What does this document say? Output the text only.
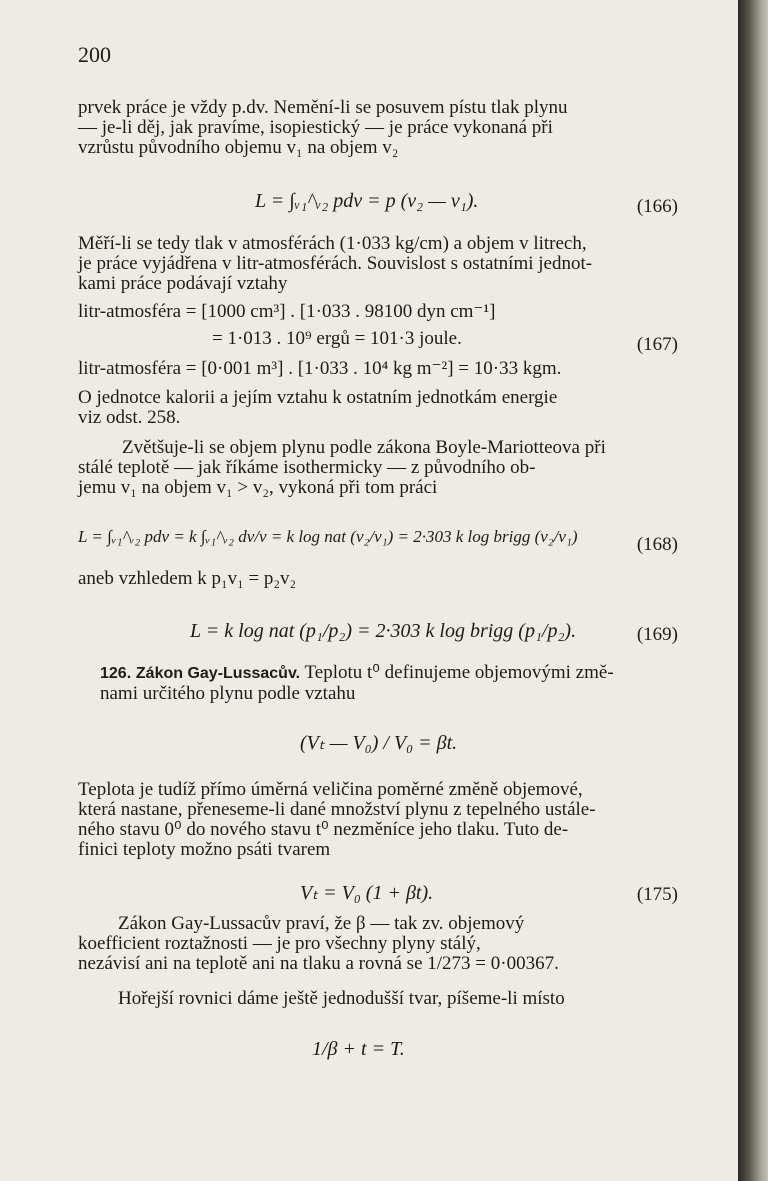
200
prvek práce je vždy p.dv. Nemění-li se posuvem pístu tlak plynu
— je-li děj, jak pravíme, isopiestický — je práce vykonaná při
vzrůstu původního objemu v₁ na objem v₂
L = ∫ᵥ₁^ᵥ₂ pdv = p (v₂ — v₁).	(166)
Měří-li se tedy tlak v atmosférách (1·033 kg/cm) a objem v litrech,
je práce vyjádřena v litr-atmosférách. Souvislost s ostatními jednot-
kami práce podávají vztahy
litr-atmosféra = [1000 cm³] . [1·033 . 98100 dyn cm⁻¹]
= 1·013 . 10⁹ ergů = 101·3 joule.	(167)
litr-atmosféra = [0·001 m³] . [1·033 . 10⁴ kg m⁻²] = 10·33 kgm.
O jednotce kalorii a jejím vztahu k ostatním jednotkám energie
viz odst. 258.
Zvětšuje-li se objem plynu podle zákona Boyle-Mariotteova při
stálé teplotě — jak říkáme isothermicky — z původního ob-
jemu v₁ na objem v₁ > v₂, vykoná při tom práci
L = ∫ᵥ₁^ᵥ₂ pdv = k ∫ᵥ₁^ᵥ₂ dv/v = k log nat (v₂/v₁) = 2·303 k log brigg (v₂/v₁)	(168)
aneb vzhledem k p₁v₁ = p₂v₂
L = k log nat (p₁/p₂) = 2·303 k log brigg (p₁/p₂).	(169)
126. Zákon Gay-Lussacův. Teplotu t⁰ definujeme objemovými změ-
nami určitého plynu podle vztahu
(Vₜ — V₀) / V₀ = βt.
Teplota je tudíž přímo úměrná veličina poměrné změně objemové,
která nastane, přeneseme-li dané množství plynu z tepelného ustále-
ného stavu 0⁰ do nového stavu t⁰ nezměníce jeho tlaku. Tuto de-
finici teploty možno psáti tvarem
Vₜ = V₀ (1 + βt).	(175)
Zákon Gay-Lussacův praví, že β — tak zv. objemový
koefficient roztažnosti — je pro všechny plyny stálý,
nezávisí ani na teplotě ani na tlaku a rovná se 1/273 = 0·00367.
Hořejší rovnici dáme ještě jednodušší tvar, píšeme-li místo
1/β + t = T.
